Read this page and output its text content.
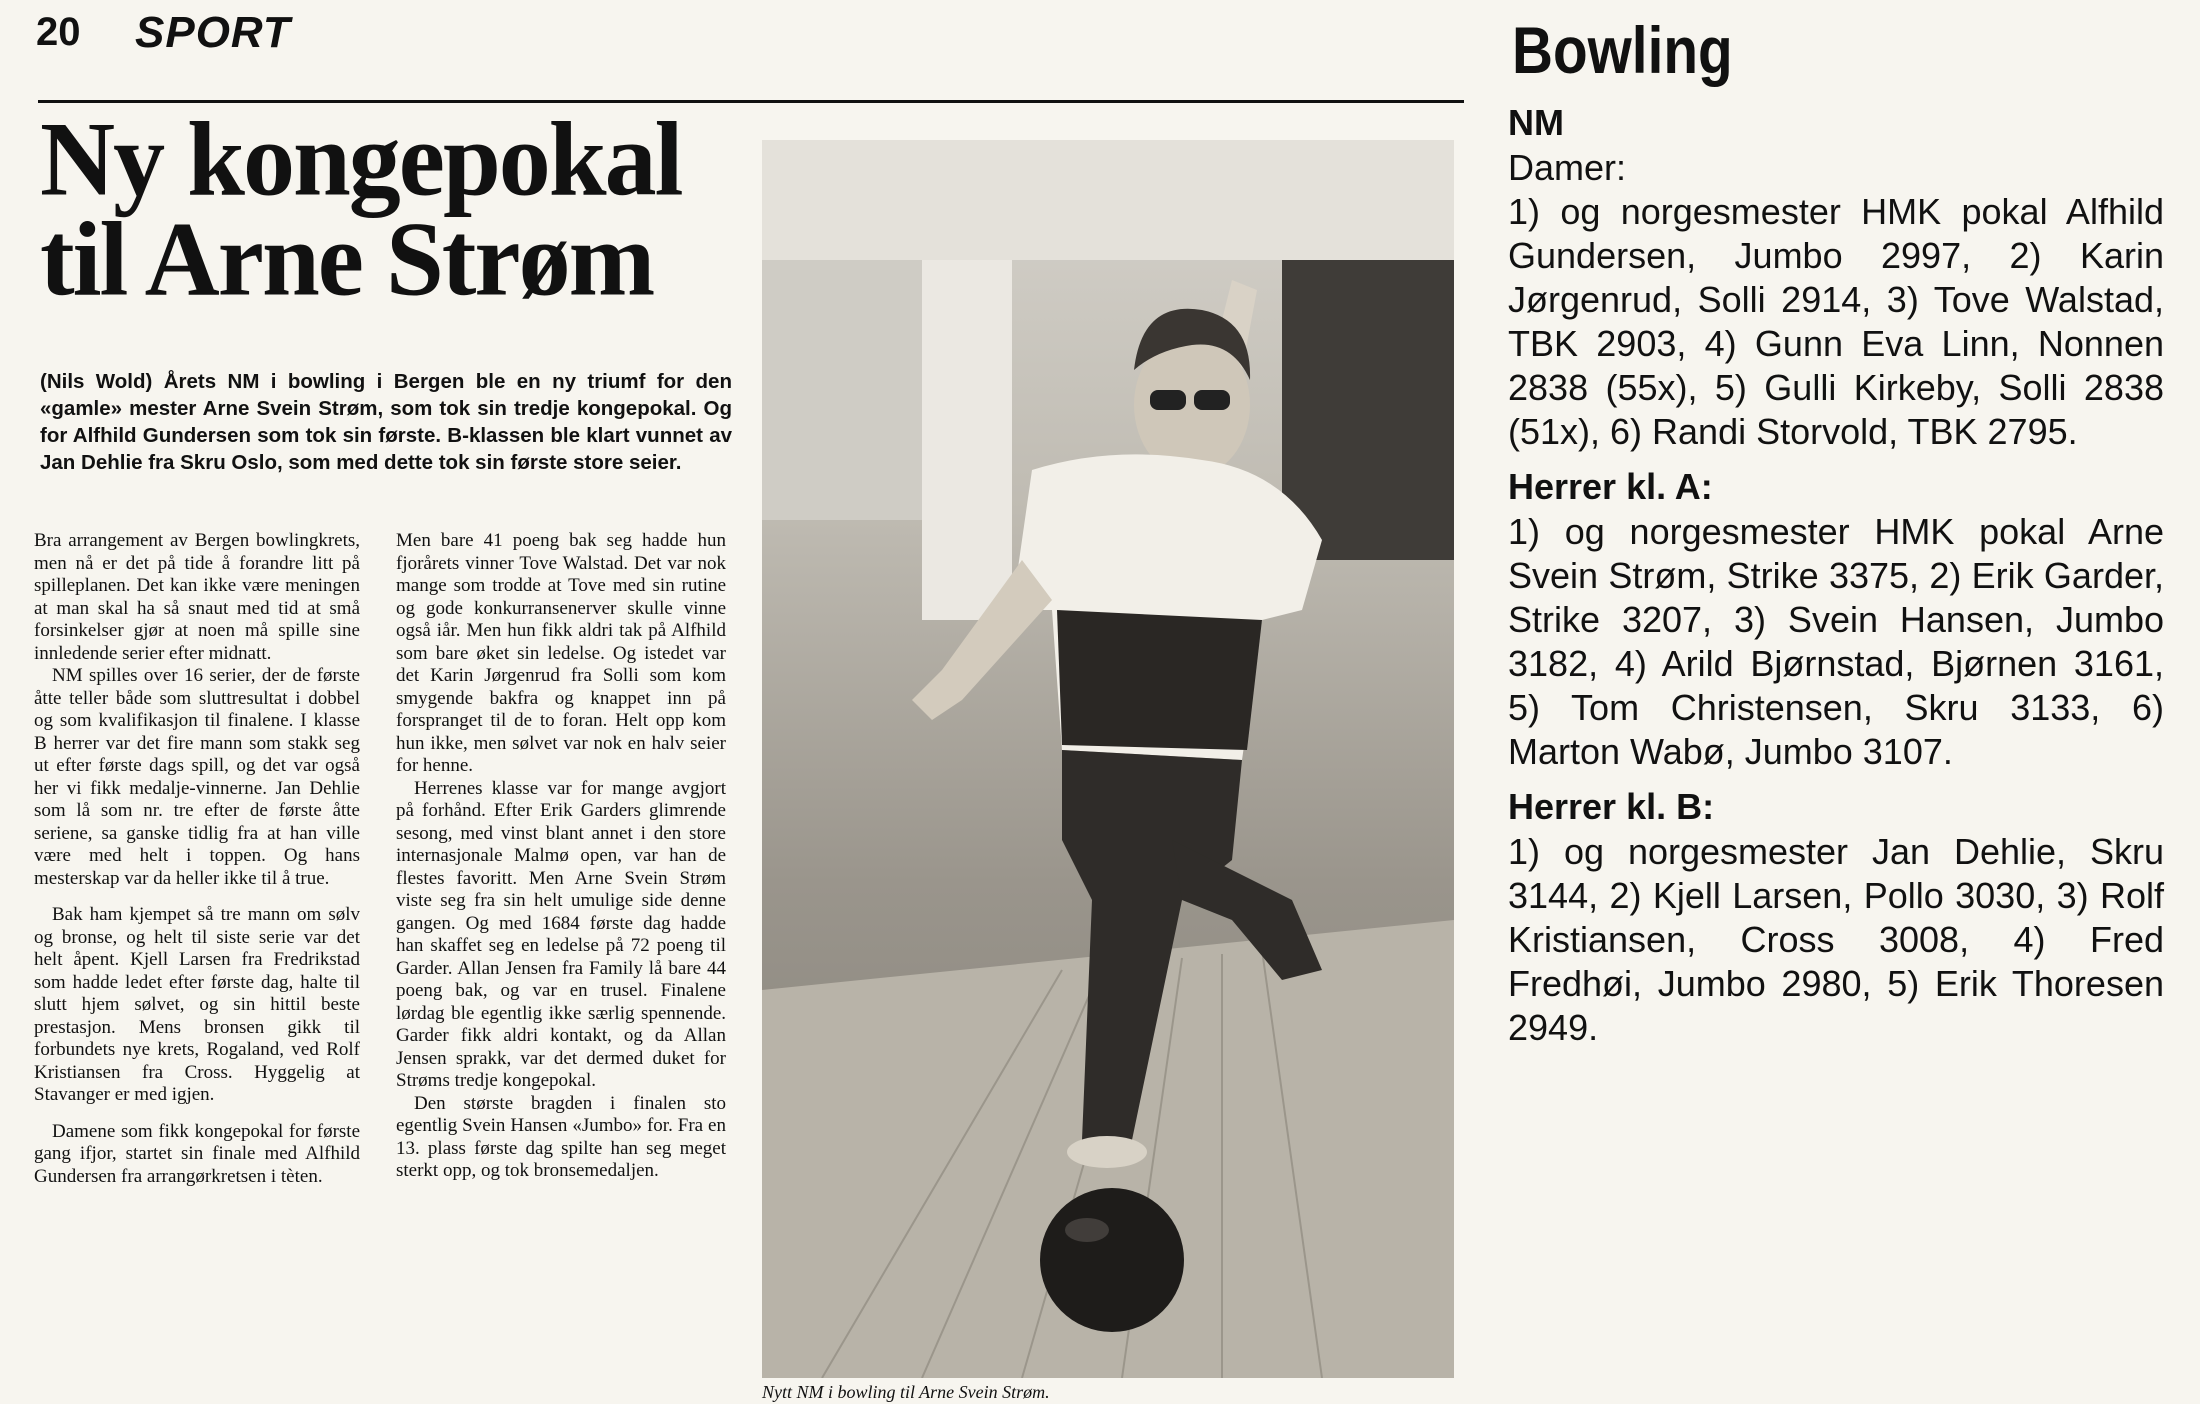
20 SPORT
Ny kongepokal
til Arne Strøm
(Nils Wold) Årets NM i bowling i Bergen ble en ny triumf for den «gamle» mester Arne Svein Strøm, som tok sin tredje kongepokal. Og for Alfhild Gundersen som tok sin første. B-klassen ble klart vunnet av Jan Dehlie fra Skru Oslo, som med dette tok sin første store seier.

Bra arrangement av Bergen bowlingkrets, men nå er det på tide å forandre litt på spilleplanen. Det kan ikke være meningen at man skal ha så snaut med tid at små forsinkelser gjør at noen må spille sine innledende serier efter midnatt.

NM spilles over 16 serier, der de første åtte teller både som sluttresultat i dobbel og som kvalifikasjon til finalene. I klasse B herrer var det fire mann som stakk seg ut efter første dags spill, og det var også her vi fikk medalje-vinnerne. Jan Dehlie som lå som nr. tre efter de første åtte seriene, sa ganske tidlig fra at han ville være med helt i toppen. Og hans mesterskap var da heller ikke til å true.

Bak ham kjempet så tre mann om sølv og bronse, og helt til siste serie var det helt åpent. Kjell Larsen fra Fredrikstad som hadde ledet efter første dag, halte til slutt hjem sølvet, og sin hittil beste prestasjon. Mens bronsen gikk til forbundets nye krets, Rogaland, ved Rolf Kristiansen fra Cross. Hyggelig at Stavanger er med igjen.

Damene som fikk kongepokal for første gang ifjor, startet sin finale med Alfhild Gundersen fra arrangørkretsen i tèten.

Men bare 41 poeng bak seg hadde hun fjorårets vinner Tove Walstad. Det var nok mange som trodde at Tove med sin rutine og gode konkurransenerver skulle vinne også iår. Men hun fikk aldri tak på Alfhild som bare øket sin ledelse. Og istedet var det Karin Jørgenrud fra Solli som kom smygende bakfra og knappet inn på forspranget til de to foran. Helt opp kom hun ikke, men sølvet var nok en halv seier for henne.

Herrenes klasse var for mange avgjort på forhånd. Efter Erik Garders glimrende sesong, med vinst blant annet i den store internasjonale Malmø open, var han de flestes favoritt. Men Arne Svein Strøm viste seg fra sin helt umulige side denne gangen. Og med 1684 første dag hadde han skaffet seg en ledelse på 72 poeng til Garder. Allan Jensen fra Family lå bare 44 poeng bak, og var en trusel. Finalene lørdag ble egentlig ikke særlig spennende. Garder fikk aldri kontakt, og da Allan Jensen sprakk, var det dermed duket for Strøms tredje kongepokal.

Den største bragden i finalen sto egentlig Svein Hansen «Jumbo» for. Fra en 13. plass første dag spilte han seg meget sterkt opp, og tok bronsemedaljen.

Nytt NM i bowling til Arne Svein Strøm.
Bowling
NM

Damer:

1) og norgesmester HMK pokal Alfhild Gundersen, Jumbo 2997, 2) Karin Jørgenrud, Solli 2914, 3) Tove Walstad, TBK 2903, 4) Gunn Eva Linn, Nonnen 2838 (55x), 5) Gulli Kirkeby, Solli 2838 (51x), 6) Randi Storvold, TBK 2795.

Herrer kl. A:

1) og norgesmester HMK pokal Arne Svein Strøm, Strike 3375, 2) Erik Garder, Strike 3207, 3) Svein Hansen, Jumbo 3182, 4) Arild Bjørnstad, Bjørnen 3161, 5) Tom Christensen, Skru 3133, 6) Marton Wabø, Jumbo 3107.

Herrer kl. B:

1) og norgesmester Jan Dehlie, Skru 3144, 2) Kjell Larsen, Pollo 3030, 3) Rolf Kristiansen, Cross 3008, 4) Fred Fredhøi, Jumbo 2980, 5) Erik Thoresen 2949.
